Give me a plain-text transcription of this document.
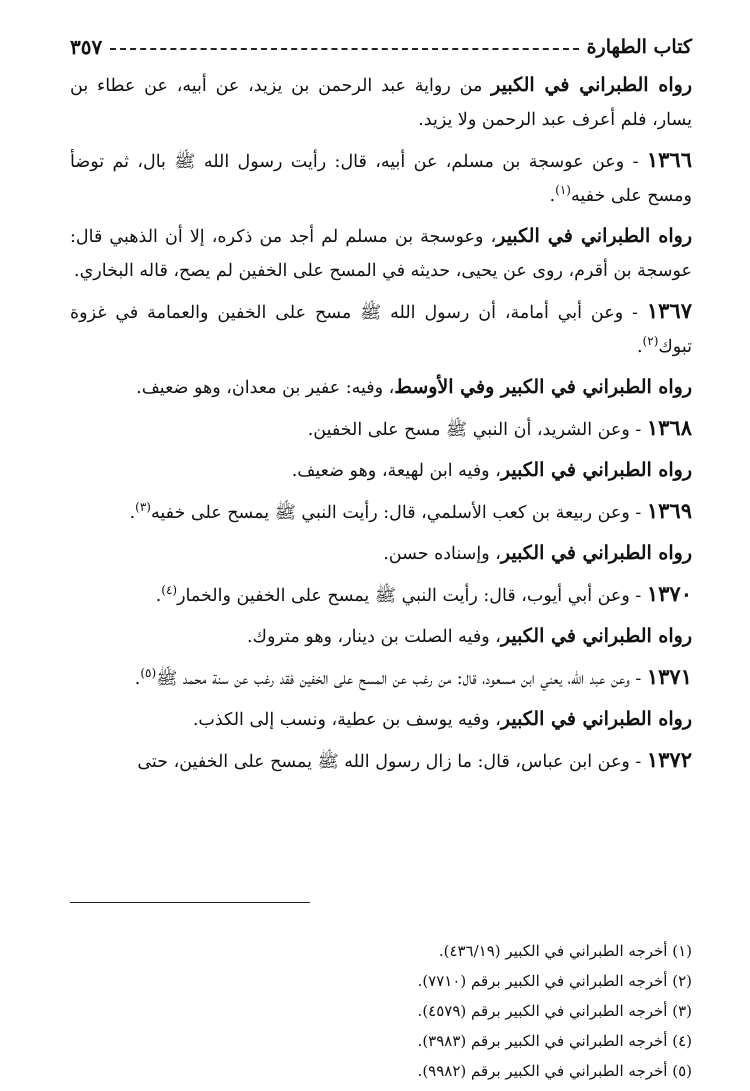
كتاب الطهارة
٣٥٧

رواه الطبراني في الكبير من رواية عبد الرحمن بن يزيد، عن أبيه، عن عطاء بن يسار، فلم أعرف عبد الرحمن ولا يزيد.

١٣٦٦ - وعن عوسجة بن مسلم، عن أبيه، قال: رأيت رسول الله ﷺ بال، ثم توضأ ومسح على خفيه$^{(١)}$.

رواه الطبراني في الكبير، وعوسجة بن مسلم لم أجد من ذكره، إلا أن الذهبي قال: عوسجة بن أقرم، روى عن يحيى، حديثه في المسح على الخفين لم يصح، قاله البخاري.

١٣٦٧ - وعن أبي أمامة، أن رسول الله ﷺ مسح على الخفين والعمامة في غزوة تبوك$^{(٢)}$.

رواه الطبراني في الكبير وفي الأوسط، وفيه: عفير بن معدان، وهو ضعيف.

١٣٦٨ - وعن الشريد، أن النبي ﷺ مسح على الخفين.

رواه الطبراني في الكبير، وفيه ابن لهيعة، وهو ضعيف.

١٣٦٩ - وعن ربيعة بن كعب الأسلمي، قال: رأيت النبي ﷺ يمسح على خفيه$^{(٣)}$.

رواه الطبراني في الكبير، وإسناده حسن.

١٣٧٠ - وعن أبي أيوب، قال: رأيت النبي ﷺ يمسح على الخفين والخمار$^{(٤)}$.

رواه الطبراني في الكبير، وفيه الصلت بن دينار، وهو متروك.

١٣٧١ - وعن عبد الله، يعني ابن مسعود، قال: من رغب عن المسح على الخفين فقد رغب عن سنة محمد ﷺ$^{(٥)}$.

رواه الطبراني في الكبير، وفيه يوسف بن عطية، ونسب إلى الكذب.

١٣٧٢ - وعن ابن عباس، قال: ما زال رسول الله ﷺ يمسح على الخفين، حتى

(١) أخرجه الطبراني في الكبير (٤٣٦/١٩).
(٢) أخرجه الطبراني في الكبير برقم (٧٧١٠).
(٣) أخرجه الطبراني في الكبير برقم (٤٥٧٩).
(٤) أخرجه الطبراني في الكبير برقم (٣٩٨٣).
(٥) أخرجه الطبراني في الكبير برقم (٩٩٨٢).
